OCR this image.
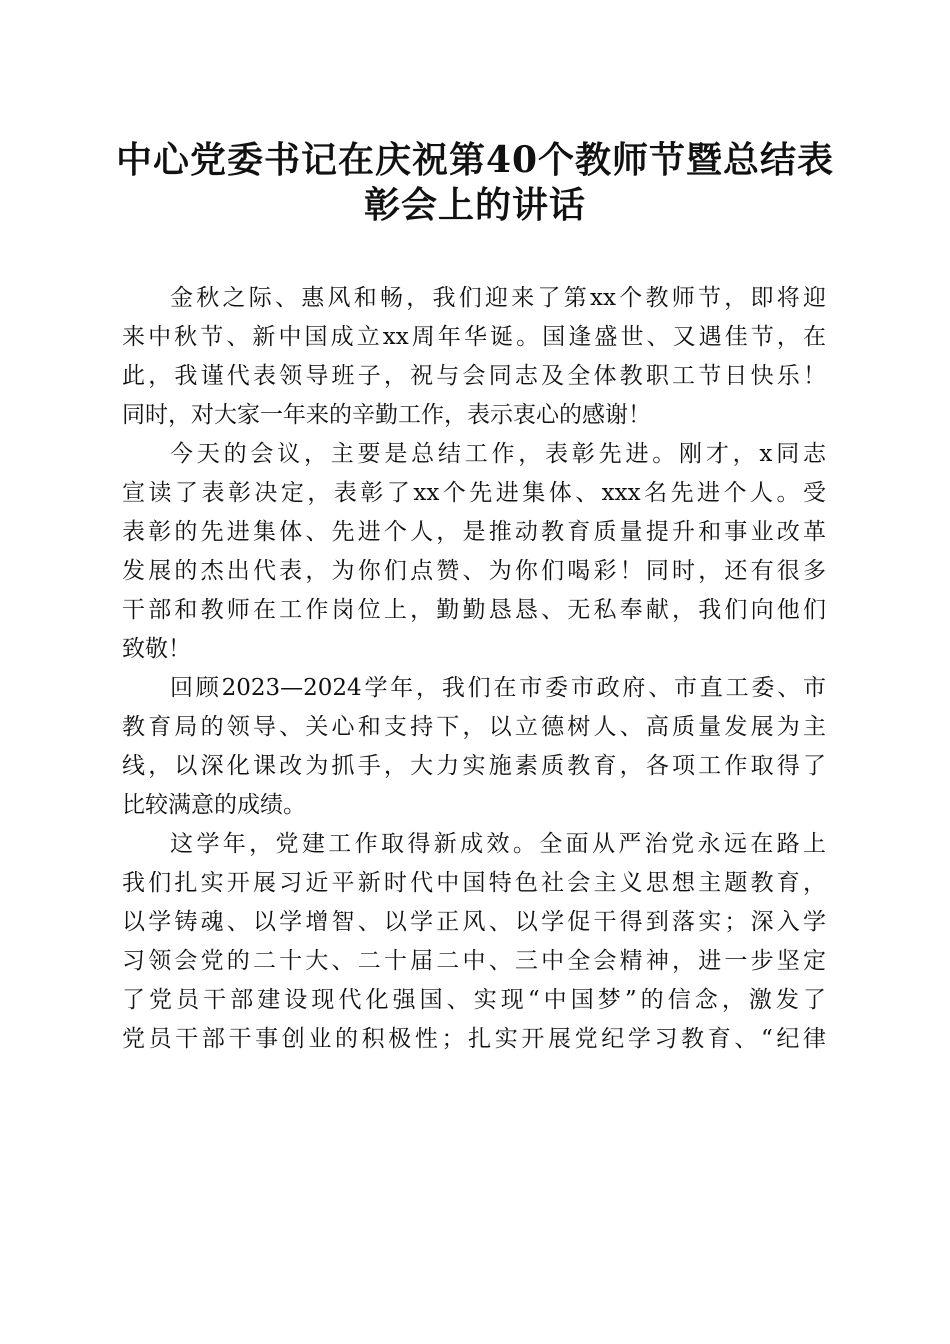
中心党委书记在庆祝第40个教师节暨总结表
彰会上的讲话
金秋之际、惠风和畅，我们迎来了第xx个教师节，即将迎
来中秋节、新中国成立xx周年华诞。国逢盛世、又遇佳节，在
此，我谨代表领导班子，祝与会同志及全体教职工节日快乐！
同时，对大家一年来的辛勤工作，表示衷心的感谢！
今天的会议，主要是总结工作，表彰先进。刚才，x同志
宣读了表彰决定，表彰了xx个先进集体、xxx名先进个人。受
表彰的先进集体、先进个人，是推动教育质量提升和事业改革
发展的杰出代表，为你们点赞、为你们喝彩！同时，还有很多
干部和教师在工作岗位上，勤勤恳恳、无私奉献，我们向他们
致敬！
回顾2023—2024学年，我们在市委市政府、市直工委、市
教育局的领导、关心和支持下，以立德树人、高质量发展为主
线，以深化课改为抓手，大力实施素质教育，各项工作取得了
比较满意的成绩。
这学年，党建工作取得新成效。全面从严治党永远在路上
我们扎实开展习近平新时代中国特色社会主义思想主题教育，
以学铸魂、以学增智、以学正风、以学促干得到落实；深入学
习领会党的二十大、二十届二中、三中全会精神，进一步坚定
了党员干部建设现代化强国、实现“中国梦”的信念，激发了
党员干部干事创业的积极性；扎实开展党纪学习教育、“纪律
